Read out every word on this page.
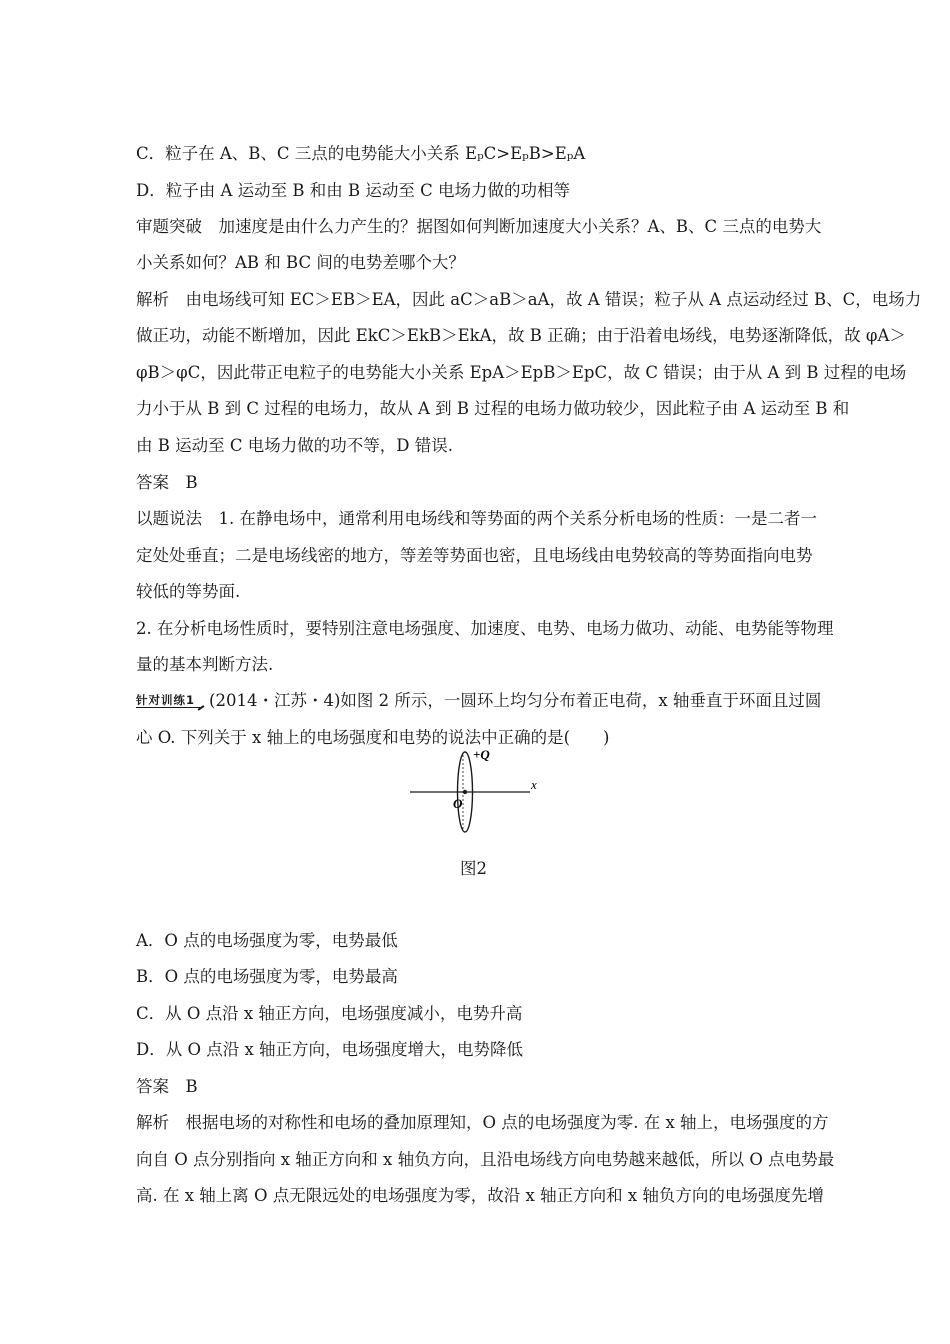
C．粒子在 A、B、C 三点的电势能大小关系 EₚC>EₚB>EₚA
D．粒子由 A 运动至 B 和由 B 运动至 C 电场力做的功相等
审题突破　加速度是由什么力产生的？据图如何判断加速度大小关系？A、B、C 三点的电势大
小关系如何？AB 和 BC 间的电势差哪个大？
解析　由电场线可知 EC＞EB＞EA，因此 aC＞aB＞aA，故 A 错误；粒子从 A 点运动经过 B、C，电场力
做正功，动能不断增加，因此 EkC＞EkB＞EkA，故 B 正确；由于沿着电场线，电势逐渐降低，故 φA＞
φB＞φC，因此带正电粒子的电势能大小关系 EpA＞EpB＞EpC，故 C 错误；由于从 A 到 B 过程的电场
力小于从 B 到 C 过程的电场力，故从 A 到 B 过程的电场力做功较少，因此粒子由 A 运动至 B 和
由 B 运动至 C 电场力做的功不等，D 错误.
答案　B
以题说法　1. 在静电场中，通常利用电场线和等势面的两个关系分析电场的性质：一是二者一
定处处垂直；二是电场线密的地方，等差等势面也密，且电场线由电势较高的等势面指向电势
较低的等势面.
2. 在分析电场性质时，要特别注意电场强度、加速度、电势、电场力做功、动能、电势能等物理
量的基本判断方法.
针对训练1 (2014・江苏・4)如图 2 所示，一圆环上均匀分布着正电荷，x 轴垂直于环面且过圆
心 O. 下列关于 x 轴上的电场强度和电势的说法中正确的是(　　)
+Q
x
O
图2
A．O 点的电场强度为零，电势最低
B．O 点的电场强度为零，电势最高
C．从 O 点沿 x 轴正方向，电场强度减小，电势升高
D．从 O 点沿 x 轴正方向，电场强度增大，电势降低
答案　B
解析　根据电场的对称性和电场的叠加原理知，O 点的电场强度为零. 在 x 轴上，电场强度的方
向自 O 点分别指向 x 轴正方向和 x 轴负方向，且沿电场线方向电势越来越低，所以 O 点电势最
高. 在 x 轴上离 O 点无限远处的电场强度为零，故沿 x 轴正方向和 x 轴负方向的电场强度先增
